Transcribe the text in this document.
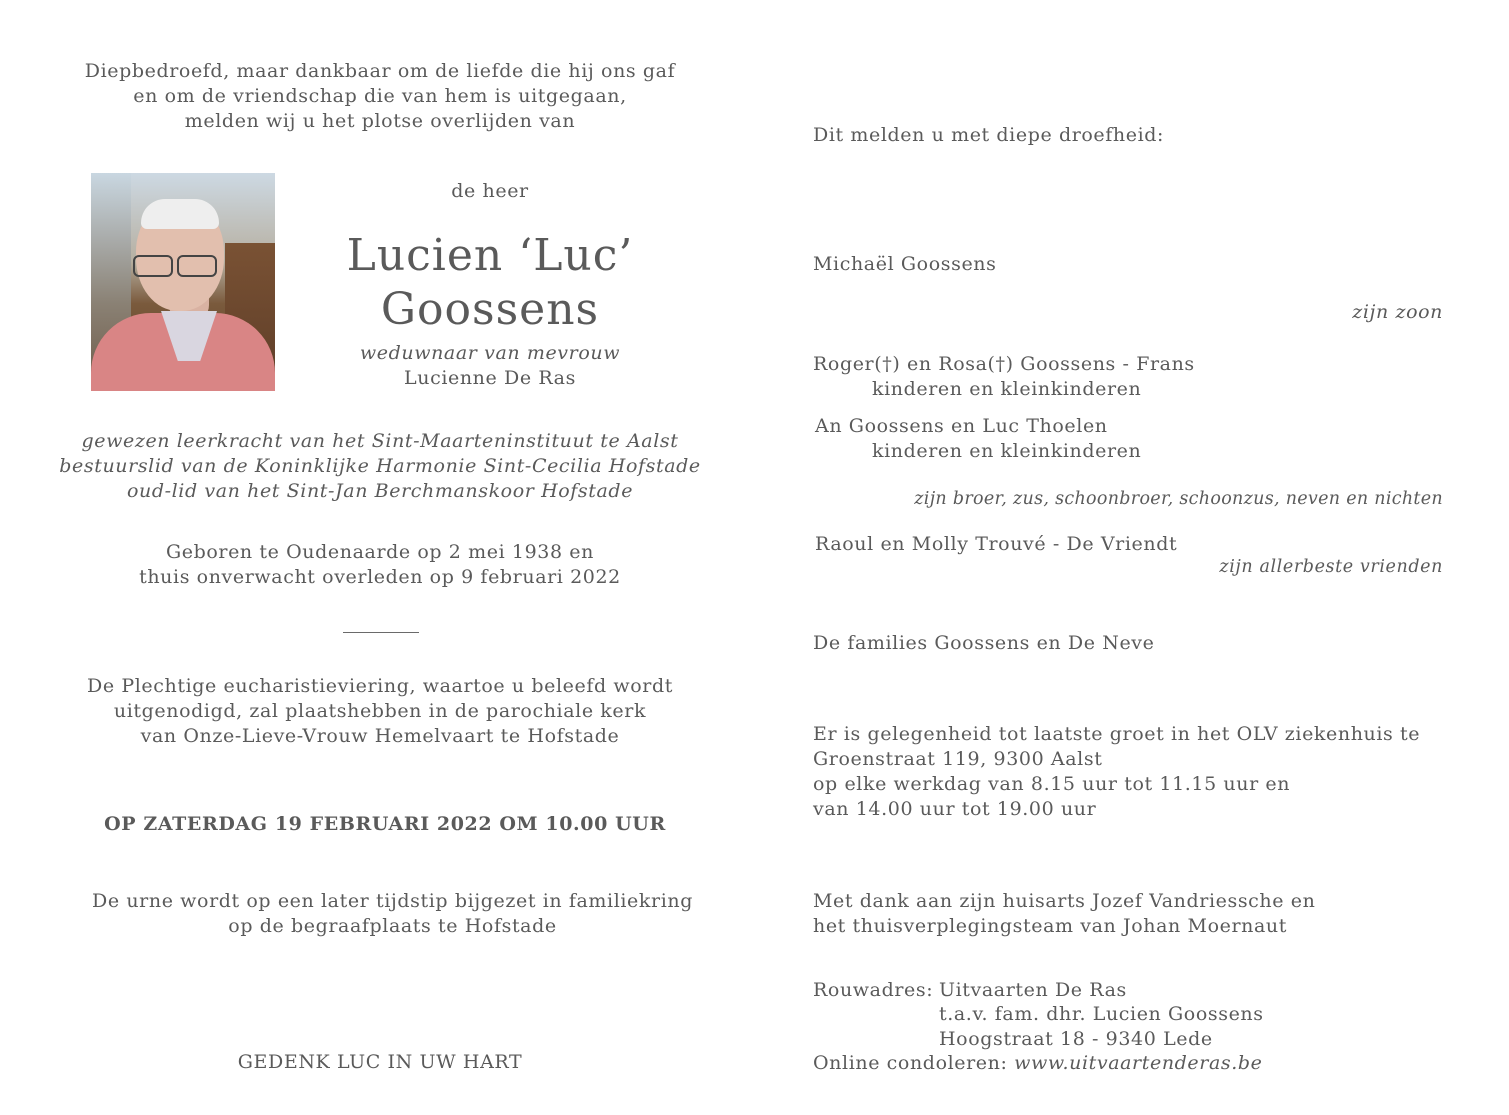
Diepbedroefd, maar dankbaar om de liefde die hij ons gaf
en om de vriendschap die van hem is uitgegaan,
melden wij u het plotse overlijden van
de heer
Lucien ‘Luc’
Goossens
weduwnaar van mevrouw
Lucienne De Ras
gewezen leerkracht van het Sint-Maarteninstituut te Aalst
bestuurslid van de Koninklijke Harmonie Sint-Cecilia Hofstade
oud-lid van het Sint-Jan Berchmanskoor Hofstade
Geboren te Oudenaarde op 2 mei 1938 en
thuis onverwacht overleden op 9 februari 2022
De Plechtige eucharistieviering, waartoe u beleefd wordt
uitgenodigd, zal plaatshebben in de parochiale kerk
van Onze-Lieve-Vrouw Hemelvaart te Hofstade
OP ZATERDAG 19 FEBRUARI 2022 OM 10.00 UUR
De urne wordt op een later tijdstip bijgezet in familiekring
op de begraafplaats te Hofstade
GEDENK LUC IN UW HART
Dit melden u met diepe droefheid:
Michaël Goossens
zijn zoon
Roger(†) en Rosa(†) Goossens - Frans
kinderen en kleinkinderen
An Goossens en Luc Thoelen
kinderen en kleinkinderen
zijn broer, zus, schoonbroer, schoonzus, neven en nichten
Raoul en Molly Trouvé - De Vriendt
zijn allerbeste vrienden
De families Goossens en De Neve
Er is gelegenheid tot laatste groet in het OLV ziekenhuis te
Groenstraat 119, 9300 Aalst
op elke werkdag van 8.15 uur tot 11.15 uur en
van 14.00 uur tot 19.00 uur
Met dank aan zijn huisarts Jozef Vandriessche en
het thuisverplegingsteam van Johan Moernaut
Rouwadres: Uitvaarten De Ras
t.a.v. fam. dhr. Lucien Goossens
Hoogstraat 18 - 9340 Lede
Online condoleren: www.uitvaartenderas.be
